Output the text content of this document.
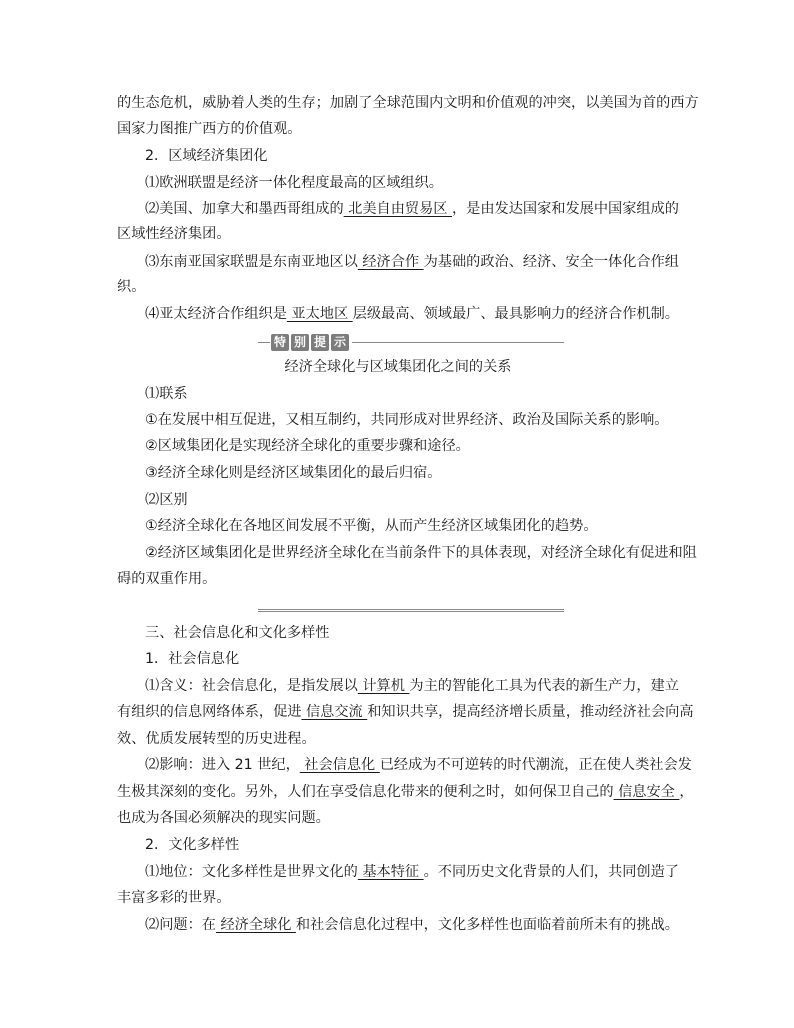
的生态危机，威胁着人类的生存；加剧了全球范围内文明和价值观的冲突，以美国为首的西方
国家力图推广西方的价值观。
2．区域经济集团化
⑴欧洲联盟是经济一体化程度最高的区域组织。
⑵美国、加拿大和墨西哥组成的 北美自由贸易区 ，是由发达国家和发展中国家组成的
区域性经济集团。
⑶东南亚国家联盟是东南亚地区以 经济合作 为基础的政治、经济、安全一体化合作组
织。
⑷亚太经济合作组织是 亚太地区 层级最高、领域最广、最具影响力的经济合作机制。
特 别 提 示
经济全球化与区域集团化之间的关系
⑴联系
①在发展中相互促进，又相互制约，共同形成对世界经济、政治及国际关系的影响。
②区域集团化是实现经济全球化的重要步骤和途径。
③经济全球化则是经济区域集团化的最后归宿。
⑵区别
①经济全球化在各地区间发展不平衡，从而产生经济区域集团化的趋势。
②经济区域集团化是世界经济全球化在当前条件下的具体表现，对经济全球化有促进和阻
碍的双重作用。
三、社会信息化和文化多样性
1．社会信息化
⑴含义：社会信息化，是指发展以 计算机 为主的智能化工具为代表的新生产力，建立
有组织的信息网络体系，促进 信息交流 和知识共享，提高经济增长质量，推动经济社会向高
效、优质发展转型的历史进程。
⑵影响：进入 21 世纪， 社会信息化 已经成为不可逆转的时代潮流，正在使人类社会发
生极其深刻的变化。另外，人们在享受信息化带来的便利之时，如何保卫自己的 信息安全 ，
也成为各国必须解决的现实问题。
2．文化多样性
⑴地位：文化多样性是世界文化的 基本特征 。不同历史文化背景的人们，共同创造了
丰富多彩的世界。
⑵问题：在 经济全球化 和社会信息化过程中，文化多样性也面临着前所未有的挑战。
